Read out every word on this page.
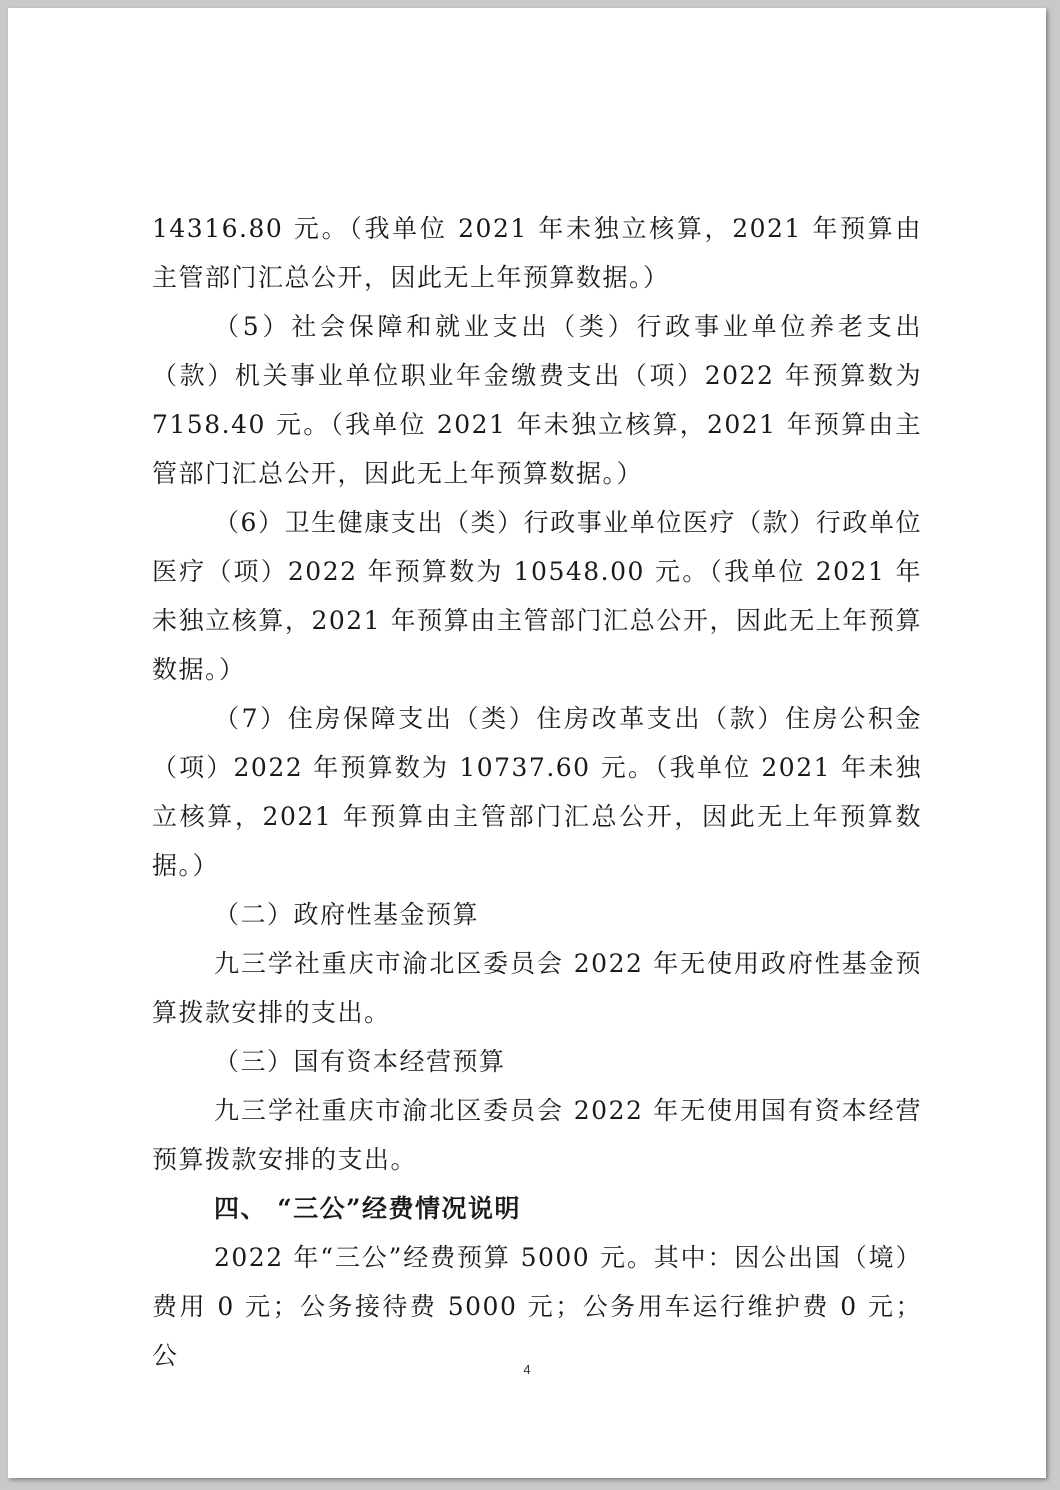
14316.80 元。（我单位 2021 年未独立核算，2021 年预算由主管部门汇总公开，因此无上年预算数据。）

（5）社会保障和就业支出（类）行政事业单位养老支出（款）机关事业单位职业年金缴费支出（项）2022 年预算数为 7158.40 元。（我单位 2021 年未独立核算，2021 年预算由主管部门汇总公开，因此无上年预算数据。）

（6）卫生健康支出（类）行政事业单位医疗（款）行政单位医疗（项）2022 年预算数为 10548.00 元。（我单位 2021 年未独立核算，2021 年预算由主管部门汇总公开，因此无上年预算数据。）

（7）住房保障支出（类）住房改革支出（款）住房公积金（项）2022 年预算数为 10737.60 元。（我单位 2021 年未独立核算，2021 年预算由主管部门汇总公开，因此无上年预算数据。）

（二）政府性基金预算

九三学社重庆市渝北区委员会 2022 年无使用政府性基金预算拨款安排的支出。

（三）国有资本经营预算

九三学社重庆市渝北区委员会 2022 年无使用国有资本经营预算拨款安排的支出。

四、 “三公”经费情况说明

2022 年“三公”经费预算 5000 元。其中：因公出国（境）费用 0 元；公务接待费 5000 元；公务用车运行维护费 0 元；公	4
